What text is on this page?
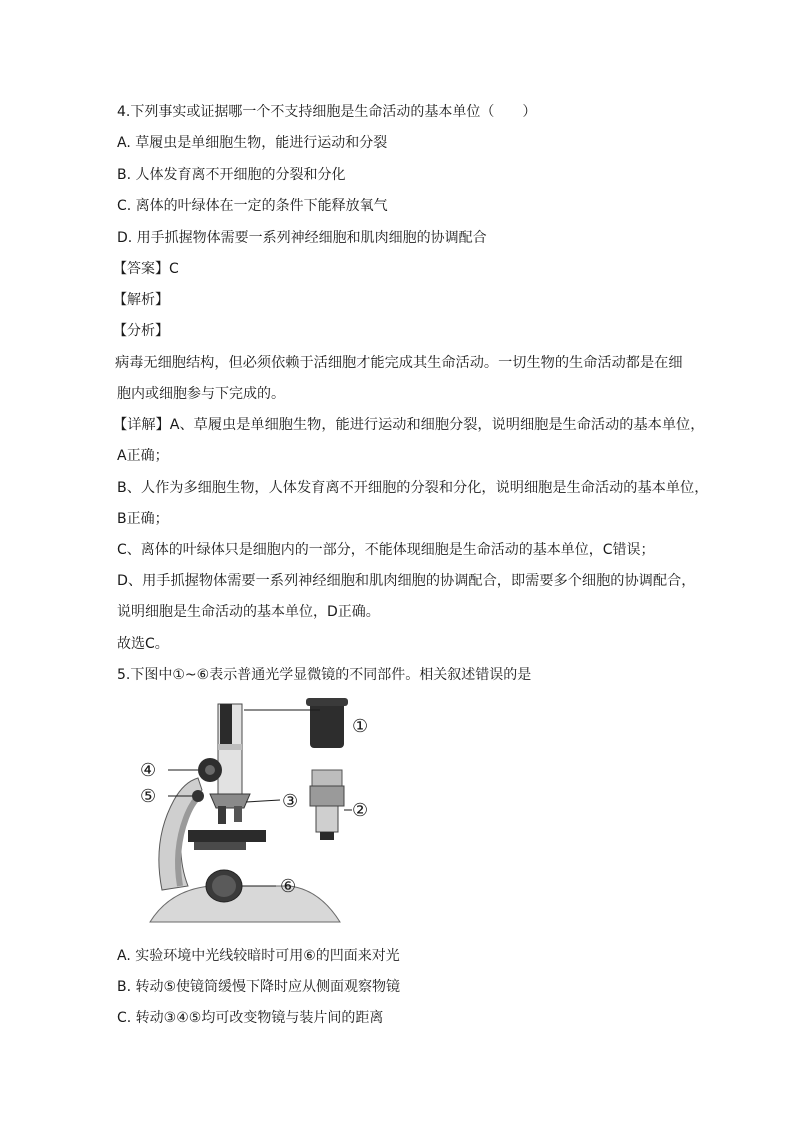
4.下列事实或证据哪一个不支持细胞是生命活动的基本单位（　　）
A. 草履虫是单细胞生物，能进行运动和分裂
B. 人体发育离不开细胞的分裂和分化
C. 离体的叶绿体在一定的条件下能释放氧气
D. 用手抓握物体需要一系列神经细胞和肌肉细胞的协调配合
【答案】C
【解析】
【分析】
病毒无细胞结构，但必须依赖于活细胞才能完成其生命活动。一切生物的生命活动都是在细
胞内或细胞参与下完成的。
【详解】A、草履虫是单细胞生物，能进行运动和细胞分裂，说明细胞是生命活动的基本单位，
A正确；
B、人作为多细胞生物，人体发育离不开细胞的分裂和分化，说明细胞是生命活动的基本单位，
B正确；
C、离体的叶绿体只是细胞内的一部分，不能体现细胞是生命活动的基本单位，C错误；
D、用手抓握物体需要一系列神经细胞和肌肉细胞的协调配合，即需要多个细胞的协调配合，
说明细胞是生命活动的基本单位，D正确。
故选C。
5.下图中①~⑥表示普通光学显微镜的不同部件。相关叙述错误的是
①
②
③
④
⑤
⑥
A. 实验环境中光线较暗时可用⑥的凹面来对光
B. 转动⑤使镜筒缓慢下降时应从侧面观察物镜
C. 转动③④⑤均可改变物镜与装片间的距离
